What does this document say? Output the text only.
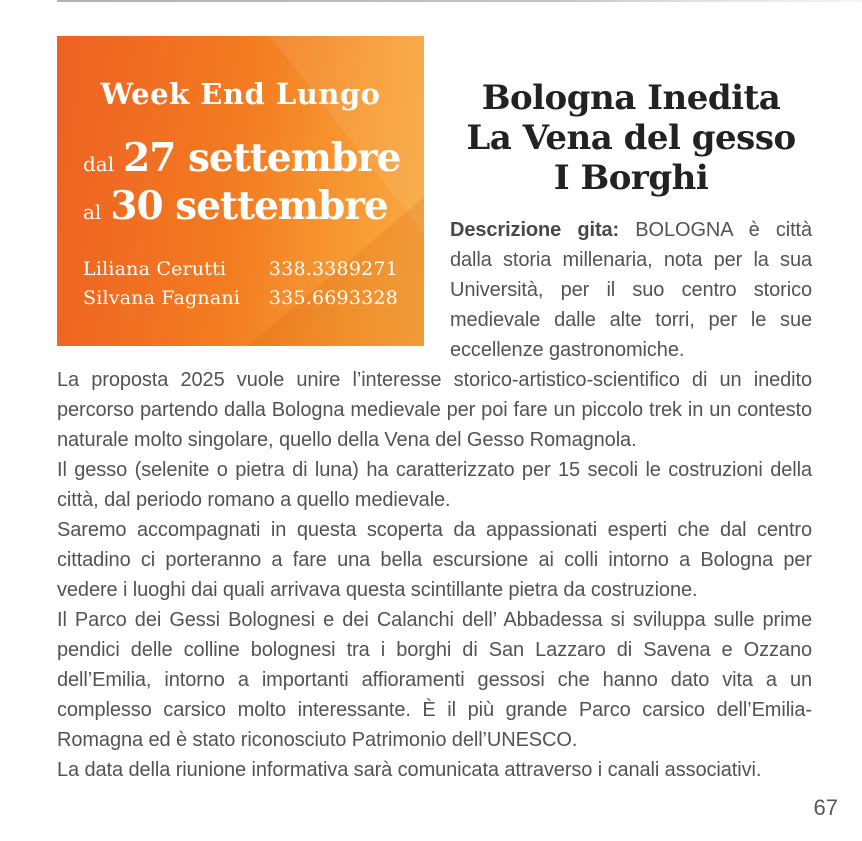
Week End Lungo
dal 27 settembre
al 30 settembre
Liliana Cerutti 338.3389271
Silvana Fagnani 335.6693328
Bologna Inedita
La Vena del gesso
I Borghi

Descrizione gita: BOLOGNA è città dalla storia millenaria, nota per la sua Università, per il suo centro storico medievale dalle alte torri, per le sue eccellenze gastronomiche.

La proposta 2025 vuole unire l’interesse storico-artistico-scientifico di un inedito percorso partendo dalla Bologna medievale per poi fare un piccolo trek in un contesto naturale molto singolare, quello della Vena del Gesso Romagnola.

Il gesso (selenite o pietra di luna) ha caratterizzato per 15 secoli le costruzioni della città, dal periodo romano a quello medievale.

Saremo accompagnati in questa scoperta da appassionati esperti che dal centro cittadino ci porteranno a fare una bella escursione ai colli intorno a Bologna per vedere i luoghi dai quali arrivava questa scintillante pietra da costruzione.

Il Parco dei Gessi Bolognesi e dei Calanchi dell’ Abbadessa si sviluppa sulle prime pendici delle colline bolognesi tra i borghi di San Lazzaro di Savena e Ozzano dell’Emilia, intorno a importanti affioramenti gessosi che hanno dato vita a un complesso carsico molto interessante. È il più grande Parco carsico dell’Emilia-Romagna ed è stato riconosciuto Patrimonio dell’UNESCO.

La data della riunione informativa sarà comunicata attraverso i canali associativi.

67
